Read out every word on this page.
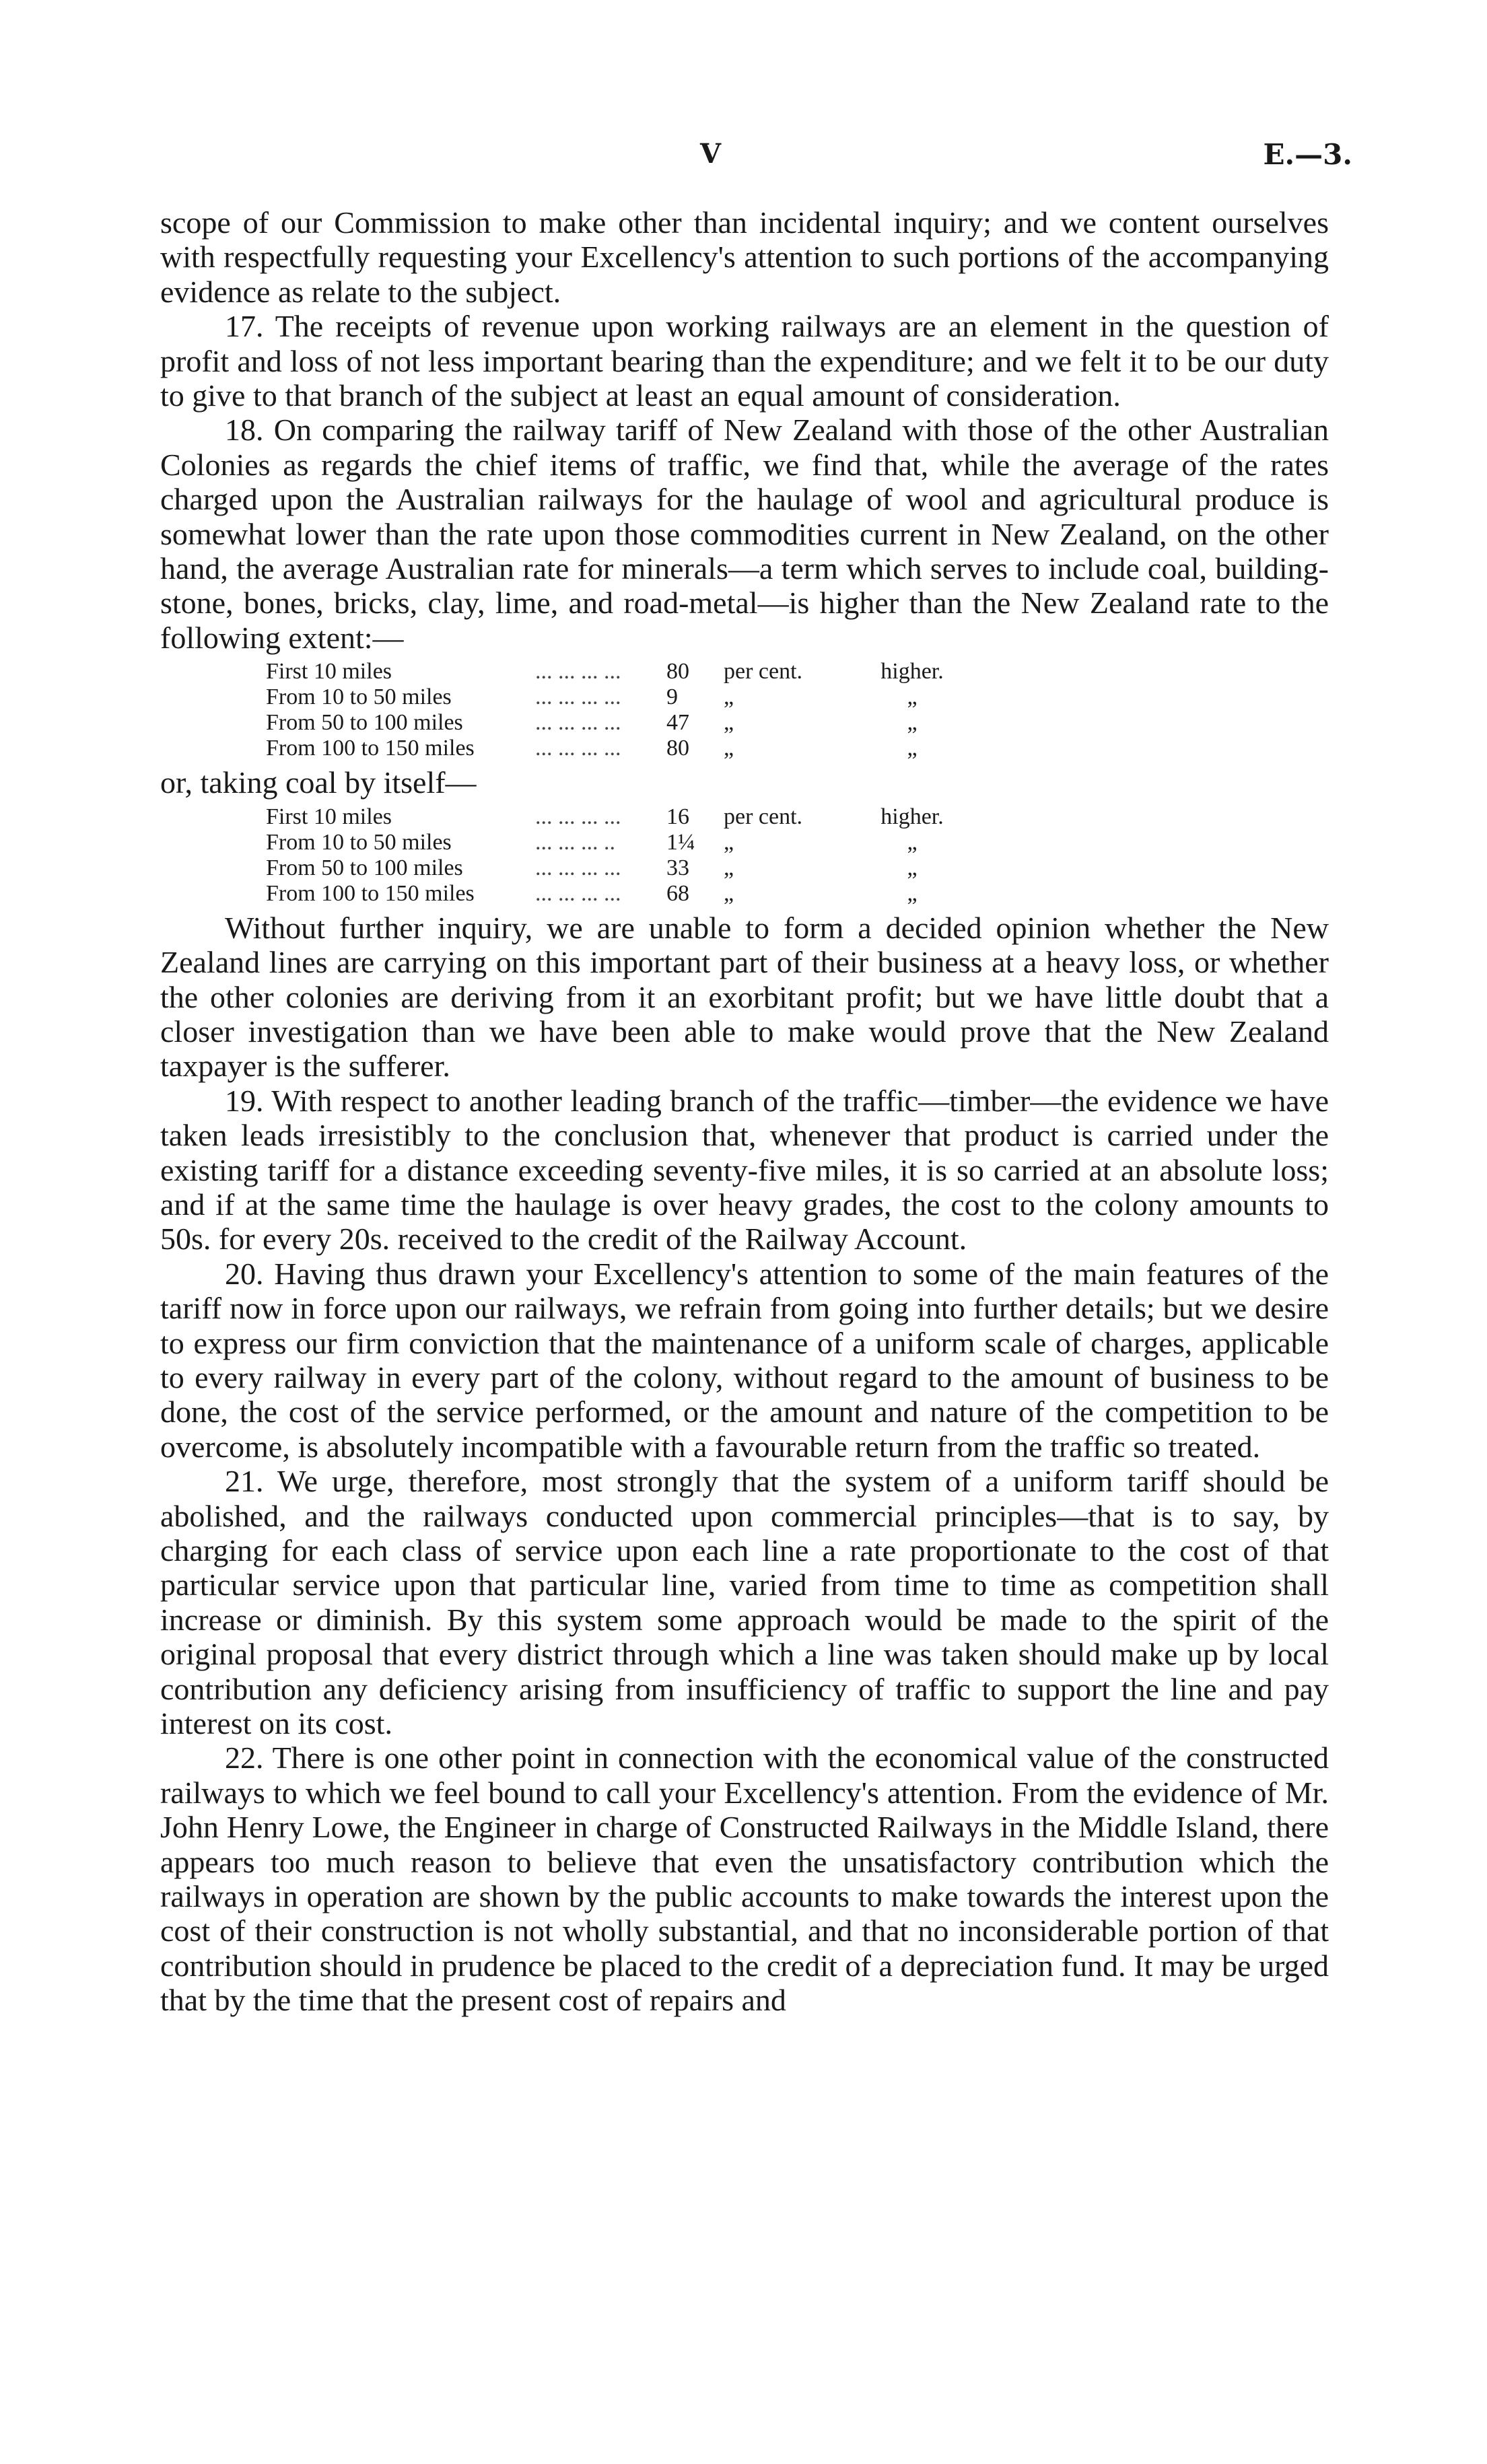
V	E.—3.

scope of our Commission to make other than incidental inquiry; and we content ourselves with respectfully requesting your Excellency's attention to such portions of the accompanying evidence as relate to the subject.

17. The receipts of revenue upon working railways are an element in the question of profit and loss of not less important bearing than the expenditure; and we felt it to be our duty to give to that branch of the subject at least an equal amount of consideration.

18. On comparing the railway tariff of New Zealand with those of the other Australian Colonies as regards the chief items of traffic, we find that, while the average of the rates charged upon the Australian railways for the haulage of wool and agricultural produce is somewhat lower than the rate upon those commodities current in New Zealand, on the other hand, the average Australian rate for minerals—a term which serves to include coal, building-stone, bones, bricks, clay, lime, and road-metal—is higher than the New Zealand rate to the following extent:—

First 10 miles	... ... ... ...	80	per cent.	higher.
From 10 to 50 miles	... ... ... ...	9	„	„
From 50 to 100 miles	... ... ... ...	47	„	„
From 100 to 150 miles	... ... ... ...	80	„	„

or, taking coal by itself—

First 10 miles	... ... ... ...	16	per cent.	higher.
From 10 to 50 miles	... ... ... ..	1¼	„	„
From 50 to 100 miles	... ... ... ...	33	„	„
From 100 to 150 miles	... ... ... ...	68	„	„

Without further inquiry, we are unable to form a decided opinion whether the New Zealand lines are carrying on this important part of their business at a heavy loss, or whether the other colonies are deriving from it an exorbitant profit; but we have little doubt that a closer investigation than we have been able to make would prove that the New Zealand taxpayer is the sufferer.

19. With respect to another leading branch of the traffic—timber—the evidence we have taken leads irresistibly to the conclusion that, whenever that product is carried under the existing tariff for a distance exceeding seventy-five miles, it is so carried at an absolute loss; and if at the same time the haulage is over heavy grades, the cost to the colony amounts to 50s. for every 20s. received to the credit of the Railway Account.

20. Having thus drawn your Excellency's attention to some of the main features of the tariff now in force upon our railways, we refrain from going into further details; but we desire to express our firm conviction that the maintenance of a uniform scale of charges, applicable to every railway in every part of the colony, without regard to the amount of business to be done, the cost of the service performed, or the amount and nature of the competition to be overcome, is absolutely incompatible with a favourable return from the traffic so treated.

21. We urge, therefore, most strongly that the system of a uniform tariff should be abolished, and the railways conducted upon commercial principles—that is to say, by charging for each class of service upon each line a rate proportionate to the cost of that particular service upon that particular line, varied from time to time as competition shall increase or diminish. By this system some approach would be made to the spirit of the original proposal that every district through which a line was taken should make up by local contribution any deficiency arising from insufficiency of traffic to support the line and pay interest on its cost.

22. There is one other point in connection with the economical value of the constructed railways to which we feel bound to call your Excellency's attention. From the evidence of Mr. John Henry Lowe, the Engineer in charge of Constructed Railways in the Middle Island, there appears too much reason to believe that even the unsatisfactory contribution which the railways in operation are shown by the public accounts to make towards the interest upon the cost of their construction is not wholly substantial, and that no inconsiderable portion of that contribution should in prudence be placed to the credit of a depreciation fund. It may be urged that by the time that the present cost of repairs and
